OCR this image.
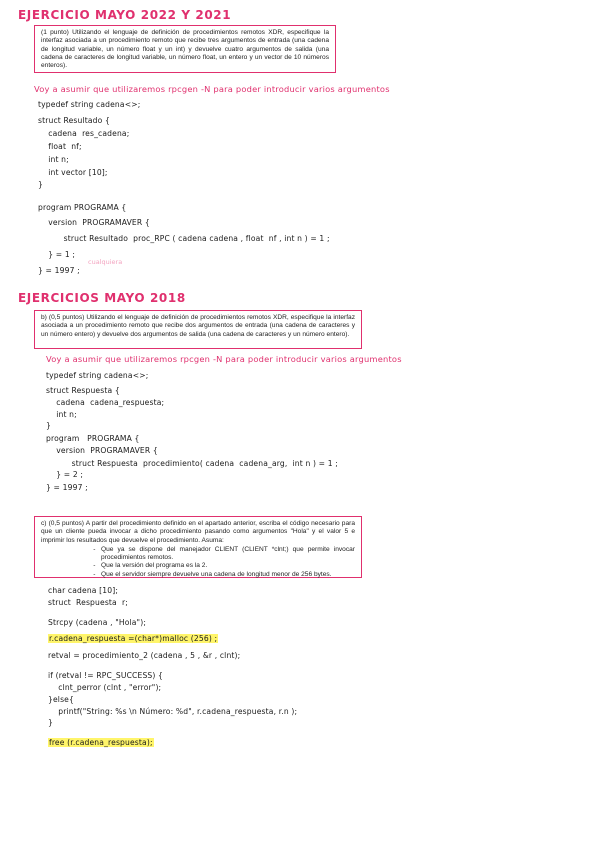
EJERCICIO MAYO 2022 Y 2021
(1 punto) Utilizando el lenguaje de definición de procedimientos remotos XDR, especifique la interfaz asociada a un procedimiento remoto que recibe tres argumentos de entrada (una cadena de longitud variable, un número float y un int) y devuelve cuatro argumentos de salida (una cadena de caracteres de longitud variable, un número float, un entero y un vector de 10 números enteros).
Voy a asumir que utilizaremos rpcgen -N para poder introducir varios argumentos
typedef string cadena<>;
struct Resultado {
cadena  res_cadena;
float  nf;
int n;
int vector [10];
}
program PROGRAMA {
version  PROGRAMAVER {
struct Resultado  proc_RPC ( cadena cadena , float  nf , int n ) = 1 ;
} = 1 ;
} = 1997 ;
cualquiera
EJERCICIOS MAYO 2018
b) (0,5 puntos) Utilizando el lenguaje de definición de procedimientos remotos XDR, especifique la interfaz asociada a un procedimiento remoto que recibe dos argumentos de entrada (una cadena de caracteres y un número entero) y devuelve dos argumentos de salida (una cadena de caracteres y un número entero).
Voy a asumir que utilizaremos rpcgen -N para poder introducir varios argumentos
typedef string cadena<>;
struct Respuesta {
cadena  cadena_respuesta;
int n;
}
program   PROGRAMA {
version  PROGRAMAVER {
struct Respuesta  procedimiento( cadena  cadena_arg,  int n ) = 1 ;
} = 2 ;
} = 1997 ;
c) (0,5 puntos) A partir del procedimiento definido en el apartado anterior, escriba el código necesario para que un cliente pueda invocar a dicho procedimiento pasando como argumentos "Hola" y el valor 5 e imprimir los resultados que devuelve el procedimiento. Asuma:
- Que ya se dispone del manejador CLIENT (CLIENT *clnt;) que permite invocar procedimientos remotos.
- Que la versión del programa es la 2.
- Que el servidor siempre devuelve una cadena de longitud menor de 256 bytes.
char cadena [10];
struct  Respuesta  r;
Strcpy (cadena , "Hola");
r.cadena_respuesta =(char*)malloc (256) ;
retval = procedimiento_2 (cadena , 5 , &r , clnt);
if (retval != RPC_SUCCESS) {
clnt_perror (clnt , "error");
}else{
printf("String: %s \n Número: %d", r.cadena_respuesta, r.n );
}
free (r.cadena_respuesta);
